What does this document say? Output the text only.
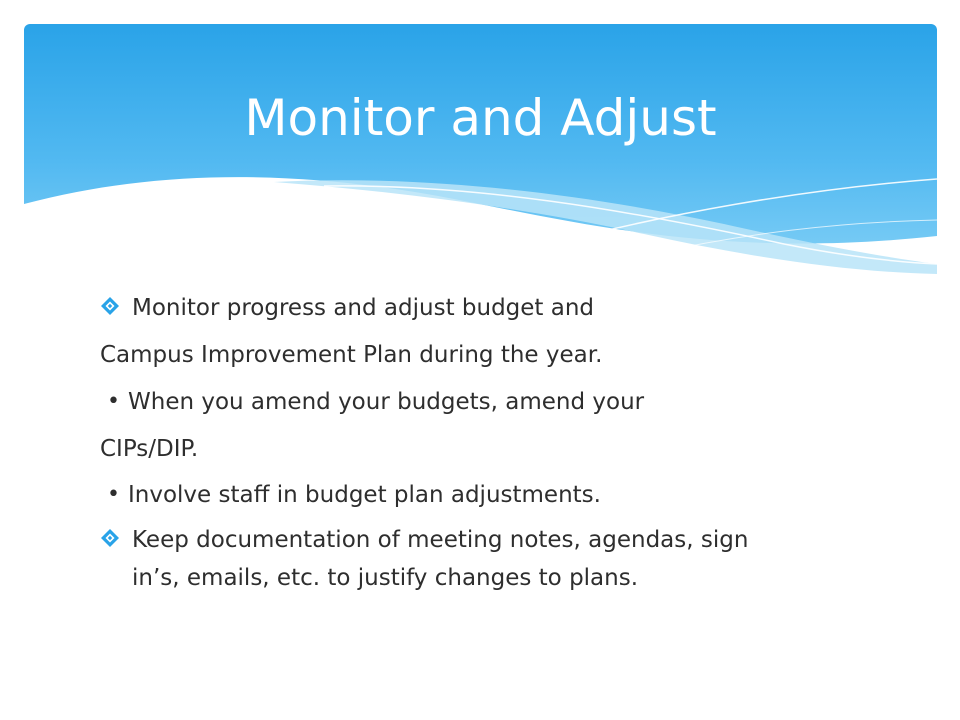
Monitor and Adjust
Monitor progress and adjust budget and
Campus Improvement Plan during the year.
• When you amend your budgets, amend your
CIPs/DIP.
• Involve staff in budget plan adjustments.
Keep documentation of meeting notes, agendas, sign
in’s, emails, etc. to justify changes to plans.
